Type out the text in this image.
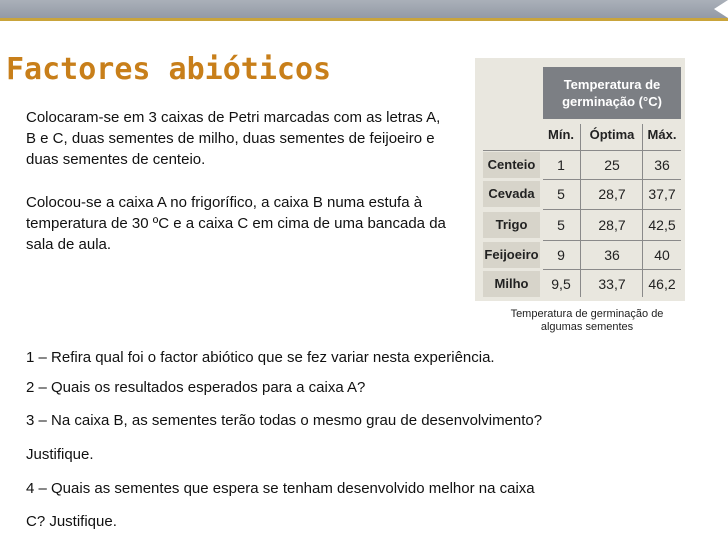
Factores abióticos

Colocaram-se em 3 caixas de Petri marcadas com as letras A, B e C, duas sementes de milho, duas sementes de feijoeiro e duas sementes de centeio.

Colocou-se a caixa A no frigorífico, a caixa B numa estufa à temperatura de 30 ºC e a caixa C em cima de uma bancada da sala de aula.

Temperatura de
germinação (°C)
Mín.	Óptima	Máx.
Centeio	1	25	36
Cevada	5	28,7	37,7
Trigo	5	28,7	42,5
Feijoeiro	9	36	40
Milho	9,5	33,7	46,2
Temperatura de germinação de
algumas sementes

1 – Refira qual foi o factor abiótico que se fez variar nesta experiência.

2 – Quais os resultados esperados para a caixa A?

3 – Na caixa B, as sementes terão todas o mesmo grau de desenvolvimento?

Justifique.

4 – Quais as sementes que espera se tenham desenvolvido melhor na caixa

C? Justifique.
